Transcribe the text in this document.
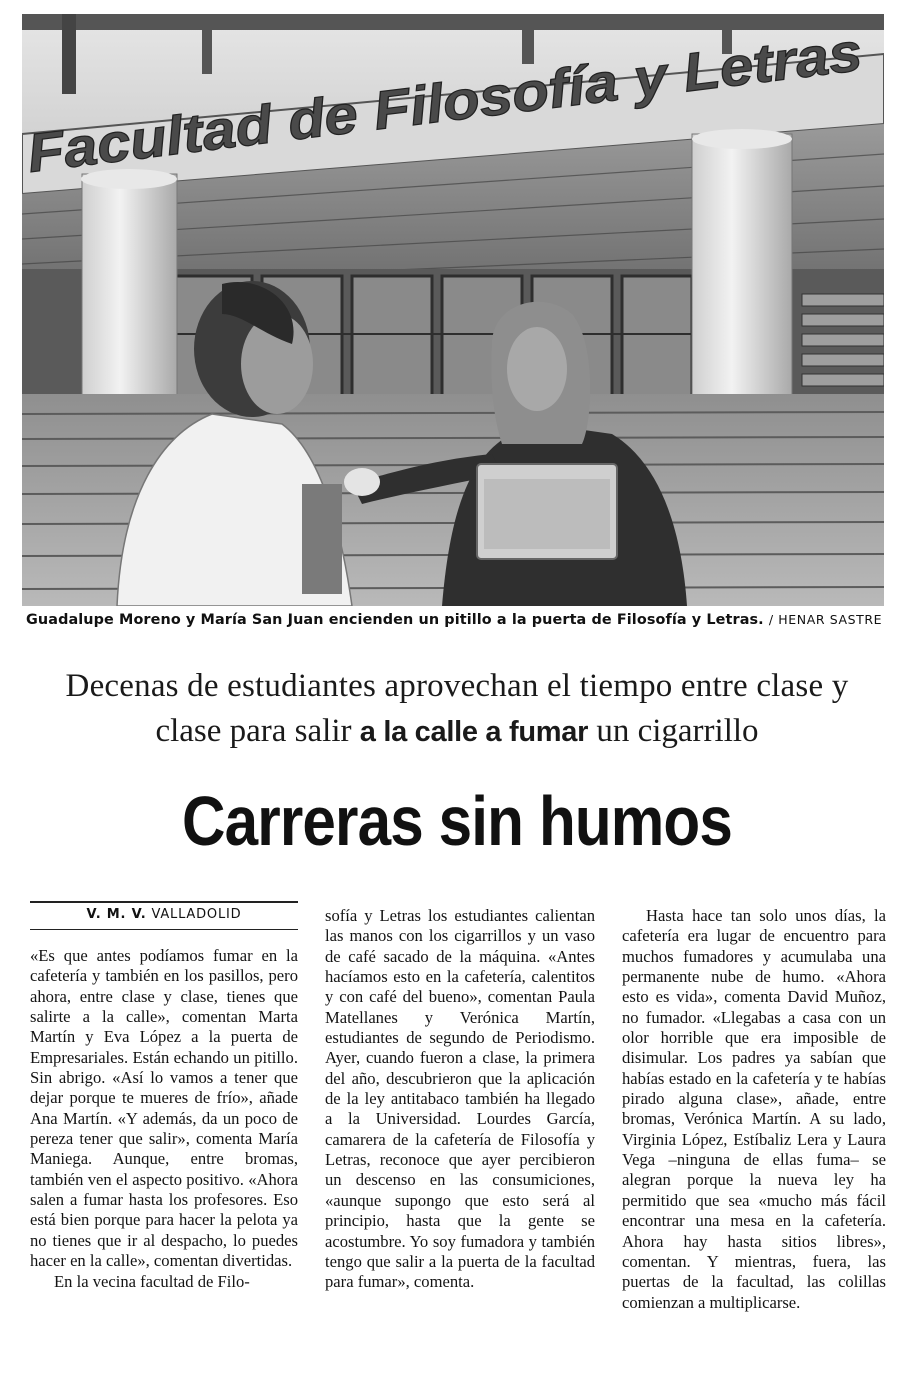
Facultad de Filosofía y Letras
Guadalupe Moreno y María San Juan encienden un pitillo a la puerta de Filosofía y Letras. / HENAR SASTRE
Decenas de estudiantes aprovechan el tiempo entre clase y
clase para salir a la calle a fumar un cigarrillo
Carreras sin humos
V. M. V. VALLADOLID

«Es que antes podíamos fumar en la cafetería y también en los pasillos, pero ahora, entre clase y clase, tienes que salirte a la calle», comentan Marta Martín y Eva López a la puerta de Empresariales. Están echando un pitillo. Sin abrigo. «Así lo vamos a tener que dejar porque te mueres de frío», añade Ana Martín. «Y además, da un poco de pereza tener que salir», comenta María Maniega. Aunque, entre bromas, también ven el aspecto positivo. «Ahora salen a fumar hasta los profesores. Eso está bien porque para hacer la pelota ya no tienes que ir al despacho, lo puedes hacer en la calle», comentan divertidas.

En la vecina facultad de Filo-

sofía y Letras los estudiantes calientan las manos con los cigarrillos y un vaso de café sacado de la máquina. «Antes hacíamos esto en la cafetería, calentitos y con café del bueno», comentan Paula Matellanes y Verónica Martín, estudiantes de segundo de Periodismo. Ayer, cuando fueron a clase, la primera del año, descubrieron que la aplicación de la ley antitabaco también ha llegado a la Universidad. Lourdes García, camarera de la cafetería de Filosofía y Letras, reconoce que ayer percibieron un descenso en las consumiciones, «aunque supongo que esto será al principio, hasta que la gente se acostumbre. Yo soy fumadora y también tengo que salir a la puerta de la facultad para fumar», comenta.

Hasta hace tan solo unos días, la cafetería era lugar de encuentro para muchos fumadores y acumulaba una permanente nube de humo. «Ahora esto es vida», comenta David Muñoz, no fumador. «Llegabas a casa con un olor horrible que era imposible de disimular. Los padres ya sabían que habías estado en la cafetería y te habías pirado alguna clase», añade, entre bromas, Verónica Martín. A su lado, Virginia López, Estíbaliz Lera y Laura Vega –ninguna de ellas fuma– se alegran porque la nueva ley ha permitido que sea «mucho más fácil encontrar una mesa en la cafetería. Ahora hay hasta sitios libres», comentan. Y mientras, fuera, las puertas de la facultad, las colillas comienzan a multiplicarse.
